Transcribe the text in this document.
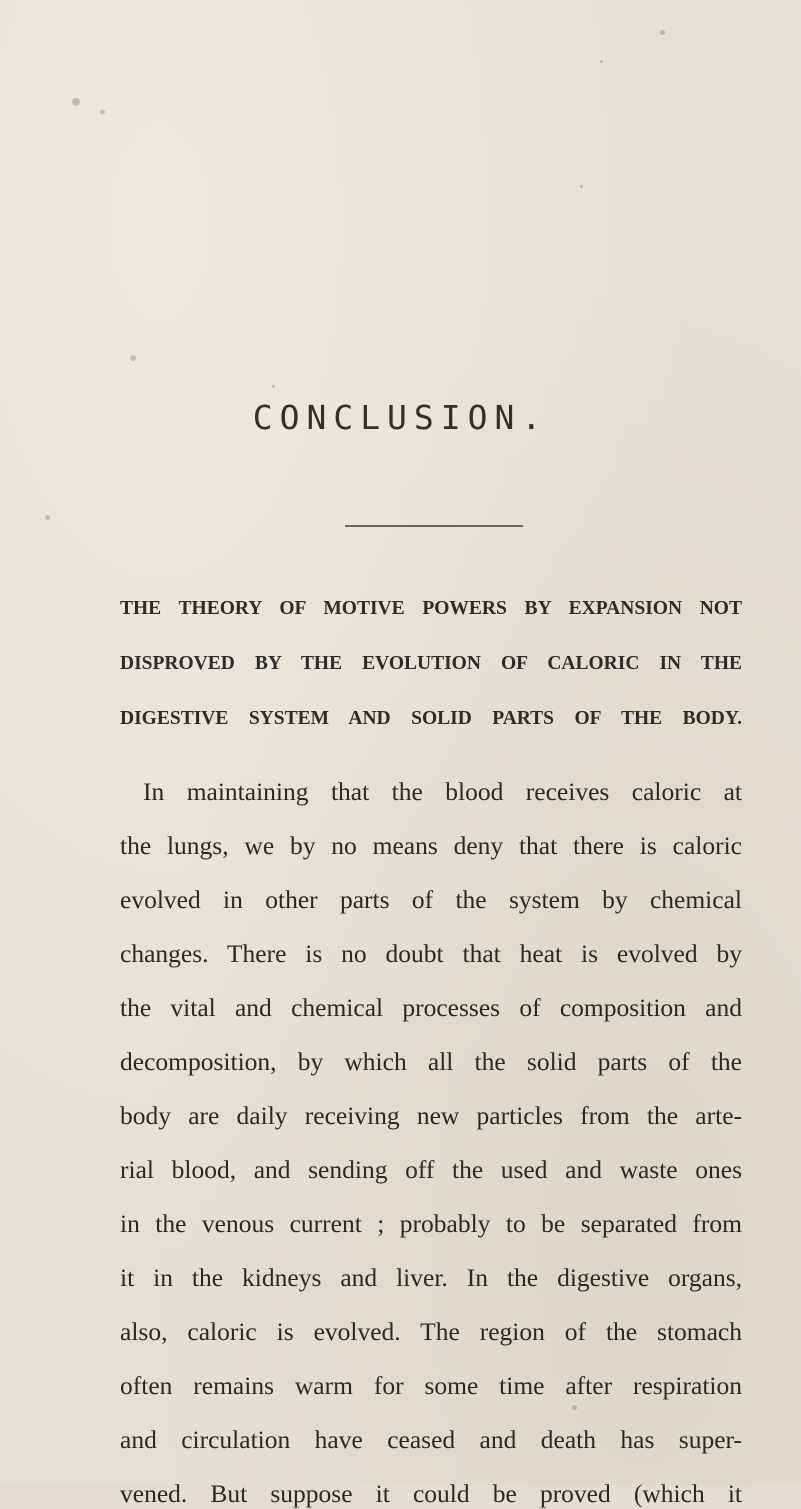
CONCLUSION.
THE THEORY OF MOTIVE POWERS BY EXPANSION NOT
DISPROVED BY THE EVOLUTION OF CALORIC IN THE
DIGESTIVE SYSTEM AND SOLID PARTS OF THE BODY.
In maintaining that the blood receives caloric at
the lungs, we by no means deny that there is caloric
evolved in other parts of the system by chemical
changes. There is no doubt that heat is evolved by
the vital and chemical processes of composition and
decomposition, by which all the solid parts of the
body are daily receiving new particles from the arte-
rial blood, and sending off the used and waste ones
in the venous current ; probably to be separated from
it in the kidneys and liver. In the digestive organs,
also, caloric is evolved. The region of the stomach
often remains warm for some time after respiration
and circulation have ceased and death has super-
vened. But suppose it could be proved (which it
